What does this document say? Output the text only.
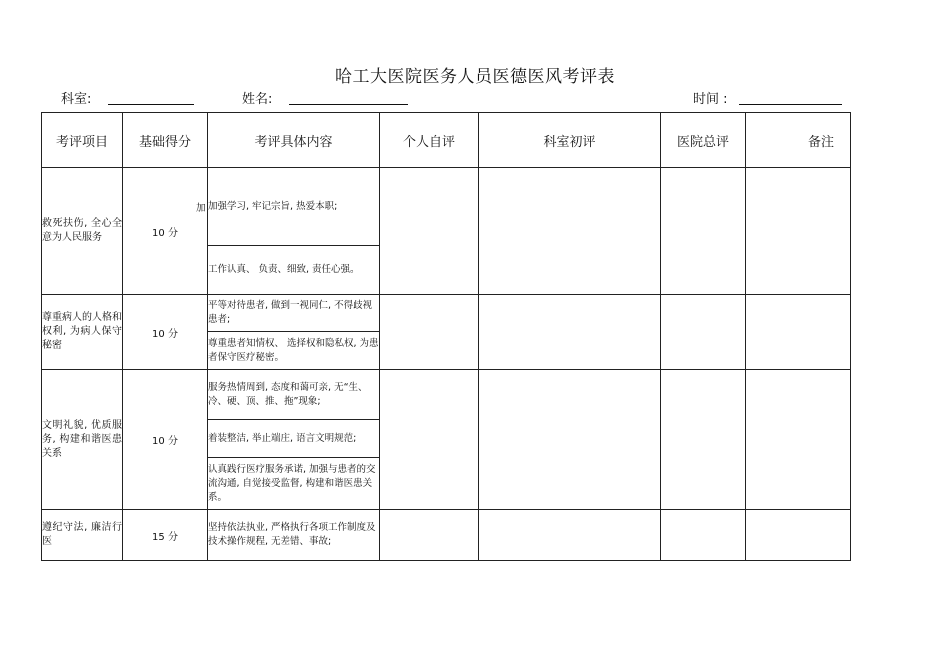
哈工大医院医务人员医德医风考评表
科室:	姓名:	时间 :
考评项目	基础得分	考评具体内容	个人自评	科室初评	医院总评	备注
救死扶伤, 全心全意为人民服务	10 分	加 加强学习, 牢记宗旨, 热爱本职;				
		工作认真、 负责、细致, 责任心强。				
尊重病人的人格和权利, 为病人保守秘密	10 分	平等对待患者, 做到一视同仁, 不得歧视患者;				
		尊重患者知情权、 选择权和隐私权, 为患者保守医疗秘密。				
文明礼貌, 优质服务, 构建和谐医患关系	10 分	服务热情周到, 态度和蔼可亲, 无“生、冷、硬、顶、推、拖”现象;				
		着装整洁, 举止端庄, 语言文明规范;				
		认真践行医疗服务承诺, 加强与患者的交流沟通, 自觉接受监督, 构建和谐医患关系。				
遵纪守法, 廉洁行医	15 分	坚持依法执业, 严格执行各项工作制度及技术操作规程, 无差错、事故;				
